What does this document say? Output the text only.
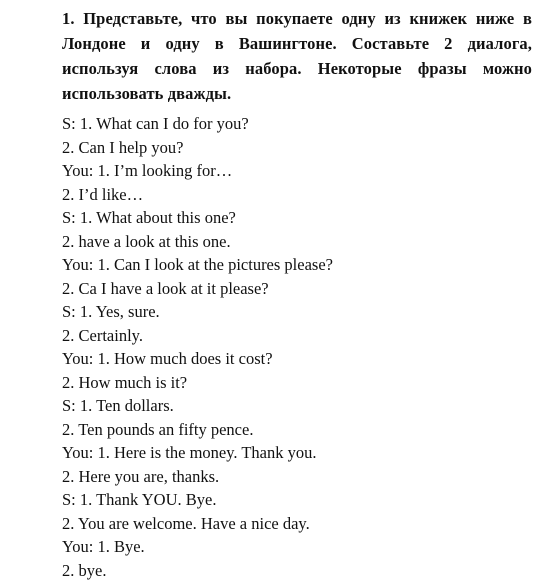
1. Представьте, что вы покупаете одну из книжек ниже в Лондоне и одну в Вашингтоне. Составьте 2 диалога, используя слова из набора. Некоторые фразы можно использовать дважды.

S: 1. What can I do for you?
2. Can I help you?
You: 1. I’m looking for…
2. I’d like…
S: 1. What about this one?
2. have a look at this one.
You: 1. Can I look at the pictures please?
2. Ca I have a look at it please?
S: 1. Yes, sure.
2. Certainly.
You: 1. How much does it cost?
2. How much is it?
S: 1. Ten dollars.
2. Ten pounds an fifty pence.
You: 1. Here is the money. Thank you.
2. Here you are, thanks.
S: 1. Thank YOU. Bye.
2. You are welcome. Have a nice day.
You: 1. Bye.
2. bye.
